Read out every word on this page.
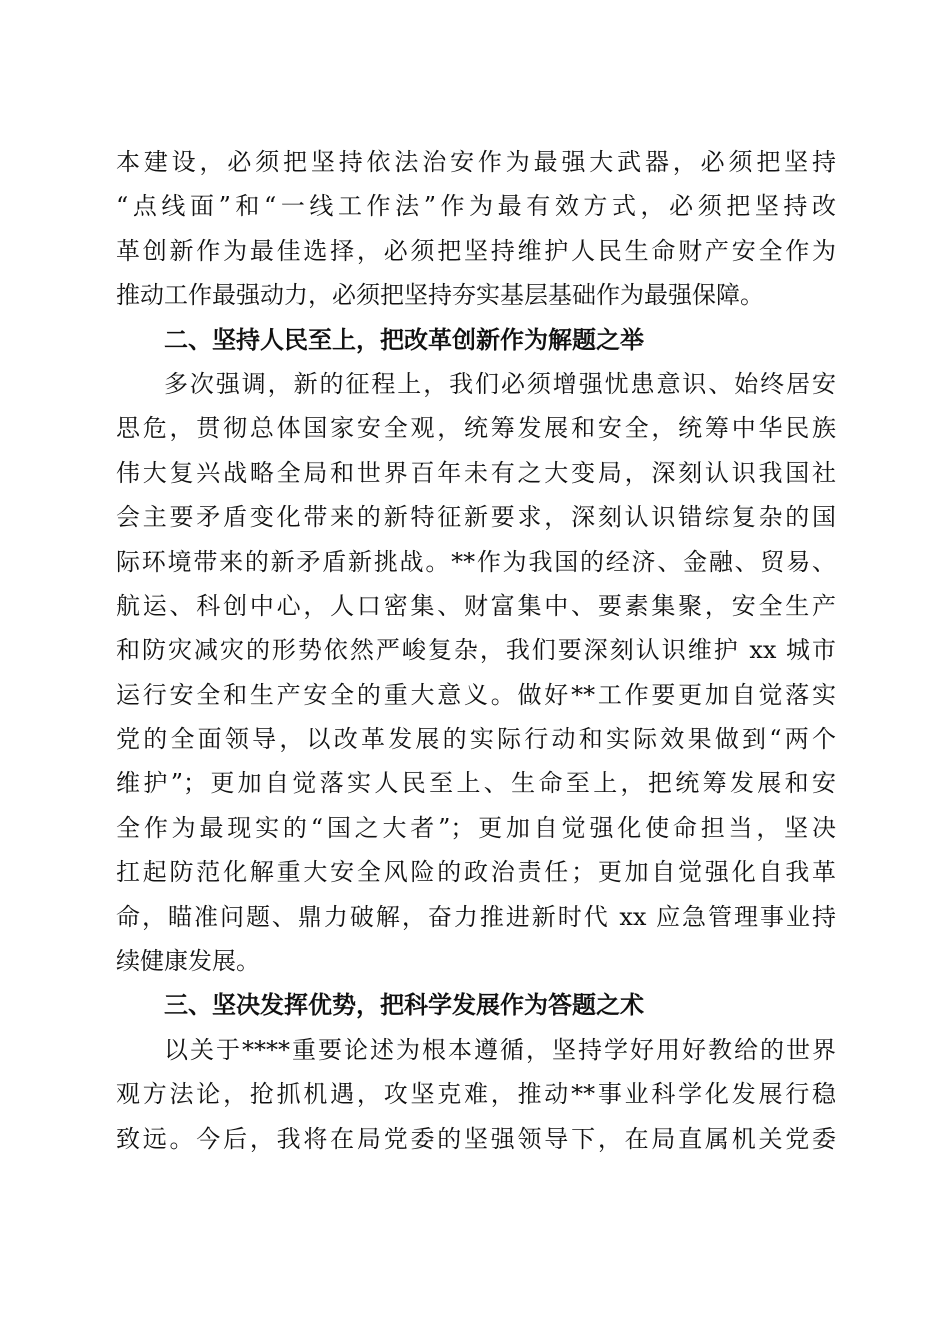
本建设，必须把坚持依法治安作为最强大武器，必须把坚持
“点线面”和“一线工作法”作为最有效方式，必须把坚持改
革创新作为最佳选择，必须把坚持维护人民生命财产安全作为
推动工作最强动力，必须把坚持夯实基层基础作为最强保障。
二、坚持人民至上，把改革创新作为解题之举
多次强调，新的征程上，我们必须增强忧患意识、始终居安
思危，贯彻总体国家安全观，统筹发展和安全，统筹中华民族
伟大复兴战略全局和世界百年未有之大变局，深刻认识我国社
会主要矛盾变化带来的新特征新要求，深刻认识错综复杂的国
际环境带来的新矛盾新挑战。**作为我国的经济、金融、贸易、
航运、科创中心，人口密集、财富集中、要素集聚，安全生产
和防灾减灾的形势依然严峻复杂，我们要深刻认识维护 xx 城市
运行安全和生产安全的重大意义。做好**工作要更加自觉落实
党的全面领导，以改革发展的实际行动和实际效果做到“两个
维护”；更加自觉落实人民至上、生命至上，把统筹发展和安
全作为最现实的“国之大者”；更加自觉强化使命担当，坚决
扛起防范化解重大安全风险的政治责任；更加自觉强化自我革
命，瞄准问题、鼎力破解，奋力推进新时代 xx 应急管理事业持
续健康发展。
三、坚决发挥优势，把科学发展作为答题之术
以关于****重要论述为根本遵循，坚持学好用好教给的世界
观方法论，抢抓机遇，攻坚克难，推动**事业科学化发展行稳
致远。今后，我将在局党委的坚强领导下，在局直属机关党委
